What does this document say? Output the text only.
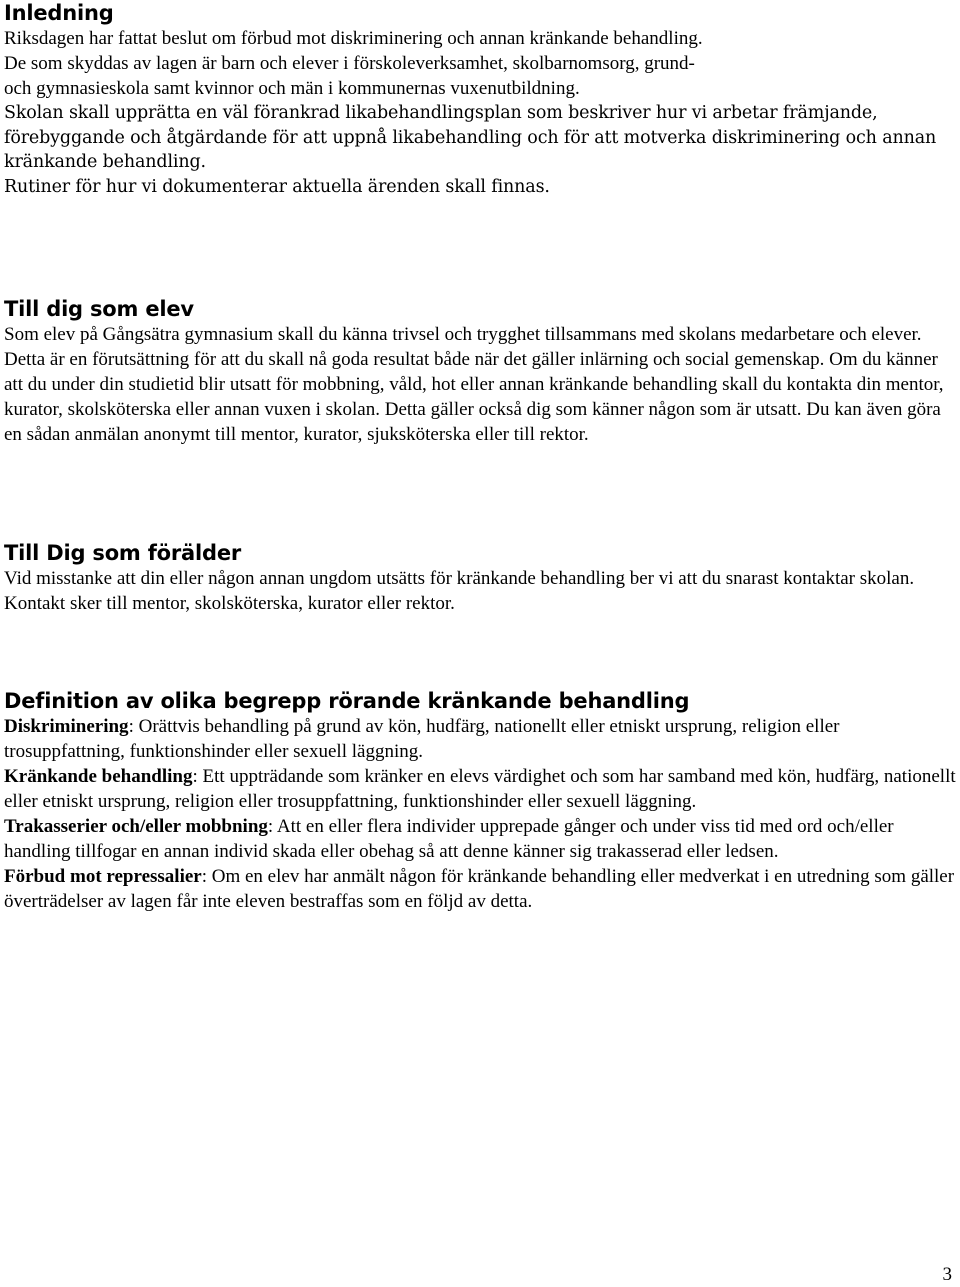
Inledning

Riksdagen har fattat beslut om förbud mot diskriminering och annan kränkande behandling. De som skyddas av lagen är barn och elever i förskoleverksamhet, skolbarnomsorg, grund- och gymnasieskola samt kvinnor och män i kommunernas vuxenutbildning.

Skolan skall upprätta en väl förankrad likabehandlingsplan som beskriver hur vi arbetar främjande, förebyggande och åtgärdande för att uppnå likabehandling och för att motverka diskriminering och annan kränkande behandling.

Rutiner för hur vi dokumenterar aktuella ärenden skall finnas.

Till dig som elev

Som elev på Gångsätra gymnasium skall du känna trivsel och trygghet tillsammans med skolans medarbetare och elever. Detta är en förutsättning för att du skall nå goda resultat både när det gäller inlärning och social gemenskap. Om du känner att du under din studietid blir utsatt för mobbning, våld, hot eller annan kränkande behandling skall du kontakta din mentor, kurator, skolsköterska eller annan vuxen i skolan. Detta gäller också dig som känner någon som är utsatt. Du kan även göra en sådan anmälan anonymt till mentor, kurator, sjuksköterska eller till rektor.

Till Dig som förälder

Vid misstanke att din eller någon annan ungdom utsätts för kränkande behandling ber vi att du snarast kontaktar skolan. Kontakt sker till mentor, skolsköterska, kurator eller rektor.

Definition av olika begrepp rörande kränkande behandling

Diskriminering: Orättvis behandling på grund av kön, hudfärg, nationellt eller etniskt ursprung, religion eller trosuppfattning, funktionshinder eller sexuell läggning.

Kränkande behandling: Ett uppträdande som kränker en elevs värdighet och som har samband med kön, hudfärg, nationellt eller etniskt ursprung, religion eller trosuppfattning, funktionshinder eller sexuell läggning.

Trakasserier och/eller mobbning: Att en eller flera individer upprepade gånger och under viss tid med ord och/eller handling tillfogar en annan individ skada eller obehag så att denne känner sig trakasserad eller ledsen.

Förbud mot repressalier: Om en elev har anmält någon för kränkande behandling eller medverkat i en utredning som gäller överträdelser av lagen får inte eleven bestraffas som en följd av detta.

3
